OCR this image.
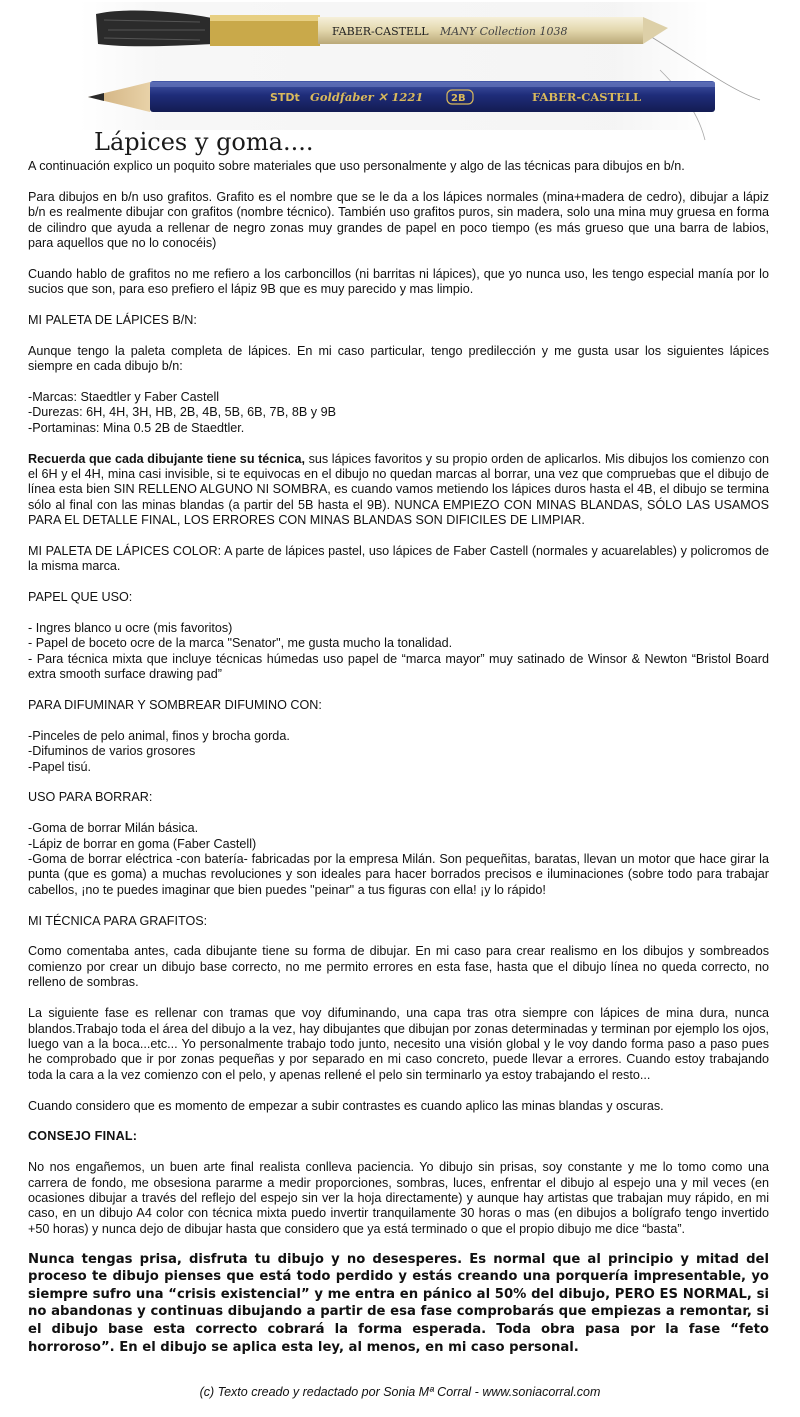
FABER-CASTELL MANY Collection 1038
STDt Goldfaber ✕ 1221	2B	FABER-CASTELL
Lápices y goma....

A continuación explico un poquito sobre materiales que uso personalmente y algo de las técnicas para dibujos en b/n.

Para dibujos en b/n uso grafitos. Grafito es el nombre que se le da a los lápices normales (mina+madera de cedro), dibujar a lápiz b/n es realmente dibujar con grafitos (nombre técnico). También uso grafitos puros, sin madera, solo una mina muy gruesa en forma de cilindro que ayuda a rellenar de negro zonas muy grandes de papel en poco tiempo (es más grueso que una barra de labios, para aquellos que no lo conocéis)

Cuando hablo de grafitos no me refiero a los carboncillos (ni barritas ni lápices), que yo nunca uso, les tengo especial manía por lo sucios que son, para eso prefiero el lápiz 9B que es muy parecido y mas limpio.

MI PALETA DE LÁPICES B/N:

Aunque tengo la paleta completa de lápices. En mi caso particular, tengo predilección y me gusta usar los siguientes lápices siempre en cada dibujo b/n:

-Marcas: Staedtler y Faber Castell
-Durezas: 6H, 4H, 3H, HB, 2B, 4B, 5B, 6B, 7B, 8B y 9B
-Portaminas: Mina 0.5 2B de Staedtler.

Recuerda que cada dibujante tiene su técnica, sus lápices favoritos y su propio orden de aplicarlos. Mis dibujos los comienzo con el 6H y el 4H, mina casi invisible, si te equivocas en el dibujo no quedan marcas al borrar, una vez que compruebas que el dibujo de línea esta bien SIN RELLENO ALGUNO NI SOMBRA, es cuando vamos metiendo los lápices duros hasta el 4B, el dibujo se termina sólo al final con las minas blandas (a partir del 5B hasta el 9B). NUNCA EMPIEZO CON MINAS BLANDAS, SÓLO LAS USAMOS PARA EL DETALLE FINAL, LOS ERRORES CON MINAS BLANDAS SON DIFICILES DE LIMPIAR.

MI PALETA DE LÁPICES COLOR: A parte de lápices pastel, uso lápices de Faber Castell (normales y acuarelables) y policromos de la misma marca.

PAPEL QUE USO:

- Ingres blanco u ocre (mis favoritos)
- Papel de boceto ocre de la marca "Senator", me gusta mucho la tonalidad.
- Para técnica mixta que incluye técnicas húmedas uso papel de “marca mayor” muy satinado de Winsor & Newton “Bristol Board extra smooth surface drawing pad”

PARA DIFUMINAR Y SOMBREAR DIFUMINO CON:

-Pinceles de pelo animal, finos y brocha gorda.
-Difuminos de varios grosores
-Papel tisú.

USO PARA BORRAR:

-Goma de borrar Milán básica.
-Lápiz de borrar en goma (Faber Castell)
-Goma de borrar eléctrica -con batería- fabricadas por la empresa Milán. Son pequeñitas, baratas, llevan un motor que hace girar la punta (que es goma) a muchas revoluciones y son ideales para hacer borrados precisos e iluminaciones (sobre todo para trabajar cabellos, ¡no te puedes imaginar que bien puedes "peinar" a tus figuras con ella! ¡y lo rápido!

MI TÉCNICA PARA GRAFITOS:

Como comentaba antes, cada dibujante tiene su forma de dibujar. En mi caso para crear realismo en los dibujos y sombreados comienzo por crear un dibujo base correcto, no me permito errores en esta fase, hasta que el dibujo línea no queda correcto, no relleno de sombras.

La siguiente fase es rellenar con tramas que voy difuminando, una capa tras otra siempre con lápices de mina dura, nunca blandos.Trabajo toda el área del dibujo a la vez, hay dibujantes que dibujan por zonas determinadas y terminan por ejemplo los ojos, luego van a la boca...etc... Yo personalmente trabajo todo junto, necesito una visión global y le voy dando forma paso a paso pues he comprobado que ir por zonas pequeñas y por separado en mi caso concreto, puede llevar a errores. Cuando estoy trabajando toda la cara a la vez comienzo con el pelo, y apenas rellené el pelo sin terminarlo ya estoy trabajando el resto...

Cuando considero que es momento de empezar a subir contrastes es cuando aplico las minas blandas y oscuras.

CONSEJO FINAL:

No nos engañemos, un buen arte final realista conlleva paciencia. Yo dibujo sin prisas, soy constante y me lo tomo como una carrera de fondo, me obsesiona pararme a medir proporciones, sombras, luces, enfrentar el dibujo al espejo una y mil veces (en ocasiones dibujar a través del reflejo del espejo sin ver la hoja directamente) y aunque hay artistas que trabajan muy rápido, en mi caso, en un dibujo A4 color con técnica mixta puedo invertir tranquilamente 30 horas o mas (en dibujos a bolígrafo tengo invertido +50 horas) y nunca dejo de dibujar hasta que considero que ya está terminado o que el propio dibujo me dice “basta”.

Nunca tengas prisa, disfruta tu dibujo y no desesperes. Es normal que al principio y mitad del proceso te dibujo pienses que está todo perdido y estás creando una porquería impresentable, yo siempre sufro una “crisis existencial” y me entra en pánico al 50% del dibujo, PERO ES NORMAL, si no abandonas y continuas dibujando a partir de esa fase comprobarás que empiezas a remontar, si el dibujo base esta correcto cobrará la forma esperada. Toda obra pasa por la fase “feto horroroso”. En el dibujo se aplica esta ley, al menos, en mi caso personal.

(c) Texto creado y redactado por Sonia Mª Corral - www.soniacorral.com
